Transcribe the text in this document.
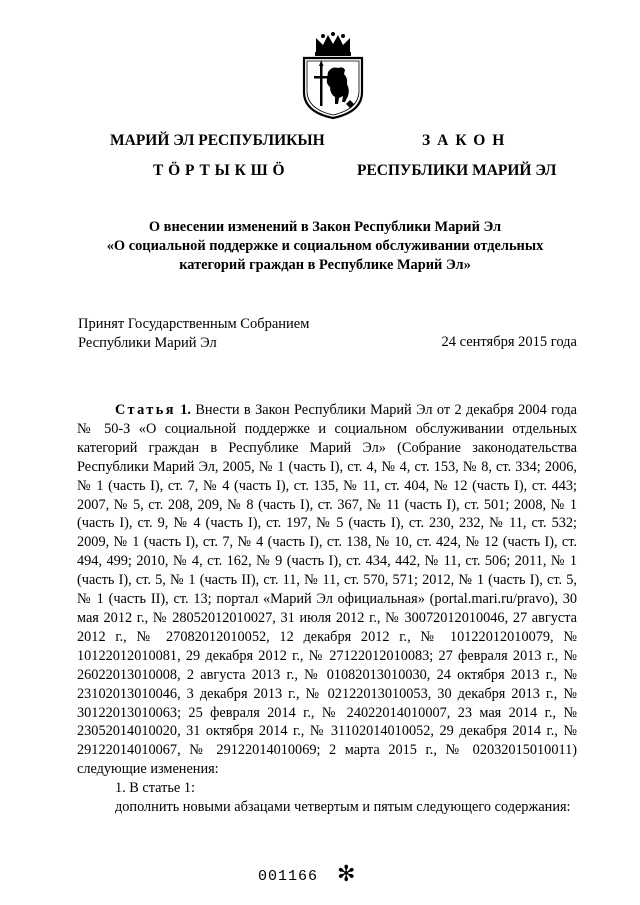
МАРИЙ ЭЛ РЕСПУБЛИКЫН
ТӦРТЫКШӦ
ЗАКОН
РЕСПУБЛИКИ МАРИЙ ЭЛ
О внесении изменений в Закон Республики Марий Эл
«О социальной поддержке и социальном обслуживании отдельных
категорий граждан в Республике Марий Эл»
Принят Государственным Собранием
Республики Марий Эл	24 сентября 2015 года

Статья 1. Внести в Закон Республики Марий Эл от 2 декабря 2004 года № 50-З «О социальной поддержке и социальном обслуживании отдельных категорий граждан в Республике Марий Эл» (Собрание законодательства Республики Марий Эл, 2005, № 1 (часть I), ст. 4, № 4, ст. 153, № 8, ст. 334; 2006, № 1 (часть I), ст. 7, № 4 (часть I), ст. 135, № 11, ст. 404, № 12 (часть I), ст. 443; 2007, № 5, ст. 208, 209, № 8 (часть I), ст. 367, № 11 (часть I), ст. 501; 2008, № 1 (часть I), ст. 9, № 4 (часть I), ст. 197, № 5 (часть I), ст. 230, 232, № 11, ст. 532; 2009, № 1 (часть I), ст. 7, № 4 (часть I), ст. 138, № 10, ст. 424, № 12 (часть I), ст. 494, 499; 2010, № 4, ст. 162, № 9 (часть I), ст. 434, 442, № 11, ст. 506; 2011, № 1 (часть I), ст. 5, № 1 (часть II), ст. 11, № 11, ст. 570, 571; 2012, № 1 (часть I), ст. 5, № 1 (часть II), ст. 13; портал «Марий Эл официальная» (portal.mari.ru/pravo), 30 мая 2012 г., № 28052012010027, 31 июля 2012 г., № 30072012010046, 27 августа 2012 г., № 27082012010052, 12 декабря 2012 г., № 10122012010079, № 10122012010081, 29 декабря 2012 г., № 27122012010083; 27 февраля 2013 г., № 26022013010008, 2 августа 2013 г., № 01082013010030, 24 октября 2013 г., № 23102013010046, 3 декабря 2013 г., № 02122013010053, 30 декабря 2013 г., № 30122013010063; 25 февраля 2014 г., № 24022014010007, 23 мая 2014 г., № 23052014010020, 31 октября 2014 г., № 31102014010052, 29 декабря 2014 г., № 29122014010067, № 29122014010069; 2 марта 2015 г., № 02032015010011) следующие изменения:

1. В статье 1:

дополнить новыми абзацами четвертым и пятым следующего содержания:

001166 ✻
